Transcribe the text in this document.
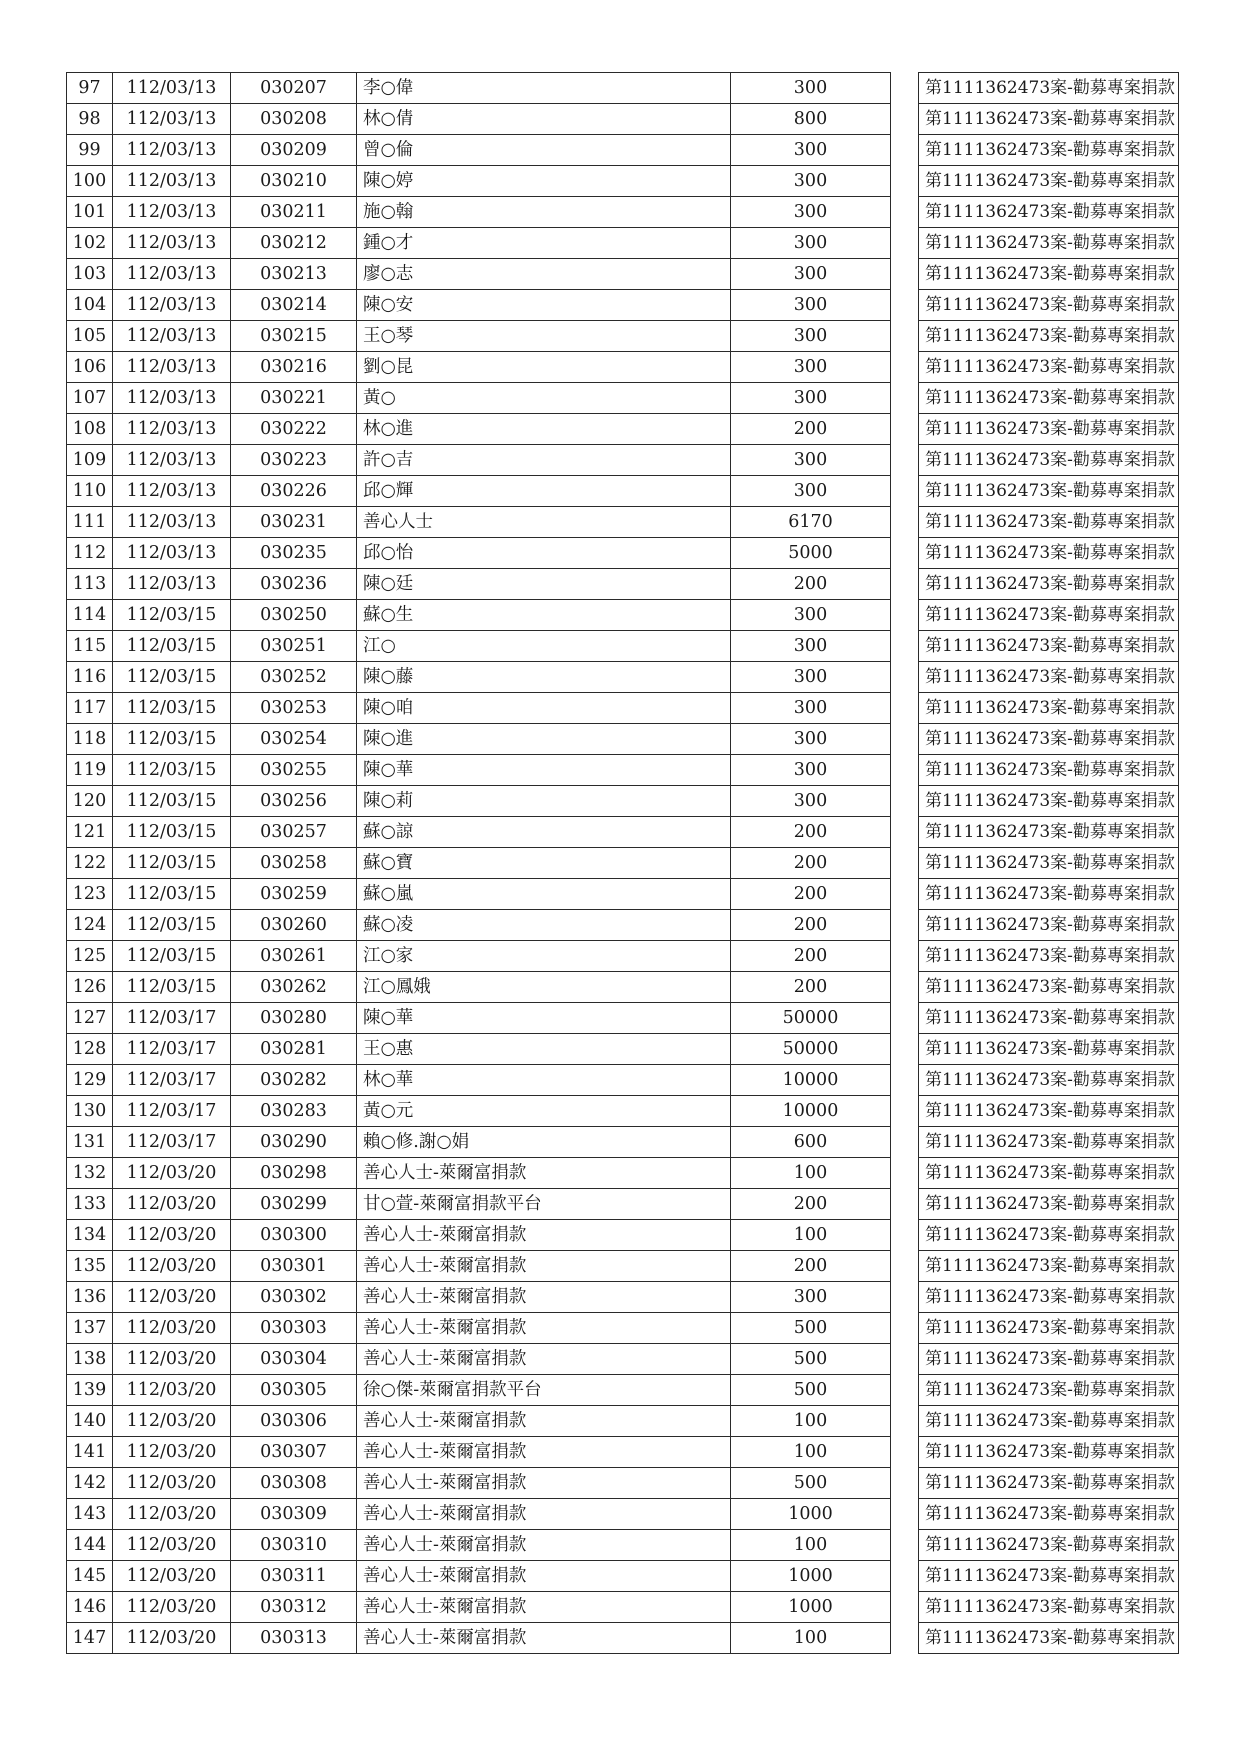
97	112/03/13	030207	李○偉	300		第1111362473案-勸募專案捐款
98	112/03/13	030208	林○倩	800		第1111362473案-勸募專案捐款
99	112/03/13	030209	曾○倫	300		第1111362473案-勸募專案捐款
100	112/03/13	030210	陳○婷	300		第1111362473案-勸募專案捐款
101	112/03/13	030211	施○翰	300		第1111362473案-勸募專案捐款
102	112/03/13	030212	鍾○才	300		第1111362473案-勸募專案捐款
103	112/03/13	030213	廖○志	300		第1111362473案-勸募專案捐款
104	112/03/13	030214	陳○安	300		第1111362473案-勸募專案捐款
105	112/03/13	030215	王○琴	300		第1111362473案-勸募專案捐款
106	112/03/13	030216	劉○昆	300		第1111362473案-勸募專案捐款
107	112/03/13	030221	黃○	300		第1111362473案-勸募專案捐款
108	112/03/13	030222	林○進	200		第1111362473案-勸募專案捐款
109	112/03/13	030223	許○吉	300		第1111362473案-勸募專案捐款
110	112/03/13	030226	邱○輝	300		第1111362473案-勸募專案捐款
111	112/03/13	030231	善心人士	6170		第1111362473案-勸募專案捐款
112	112/03/13	030235	邱○怡	5000		第1111362473案-勸募專案捐款
113	112/03/13	030236	陳○廷	200		第1111362473案-勸募專案捐款
114	112/03/15	030250	蘇○生	300		第1111362473案-勸募專案捐款
115	112/03/15	030251	江○	300		第1111362473案-勸募專案捐款
116	112/03/15	030252	陳○藤	300		第1111362473案-勸募專案捐款
117	112/03/15	030253	陳○咱	300		第1111362473案-勸募專案捐款
118	112/03/15	030254	陳○進	300		第1111362473案-勸募專案捐款
119	112/03/15	030255	陳○華	300		第1111362473案-勸募專案捐款
120	112/03/15	030256	陳○莉	300		第1111362473案-勸募專案捐款
121	112/03/15	030257	蘇○諒	200		第1111362473案-勸募專案捐款
122	112/03/15	030258	蘇○寶	200		第1111362473案-勸募專案捐款
123	112/03/15	030259	蘇○嵐	200		第1111362473案-勸募專案捐款
124	112/03/15	030260	蘇○凌	200		第1111362473案-勸募專案捐款
125	112/03/15	030261	江○家	200		第1111362473案-勸募專案捐款
126	112/03/15	030262	江○鳳娥	200		第1111362473案-勸募專案捐款
127	112/03/17	030280	陳○華	50000		第1111362473案-勸募專案捐款
128	112/03/17	030281	王○惠	50000		第1111362473案-勸募專案捐款
129	112/03/17	030282	林○華	10000		第1111362473案-勸募專案捐款
130	112/03/17	030283	黃○元	10000		第1111362473案-勸募專案捐款
131	112/03/17	030290	賴○修.謝○娟	600		第1111362473案-勸募專案捐款
132	112/03/20	030298	善心人士-萊爾富捐款	100		第1111362473案-勸募專案捐款
133	112/03/20	030299	甘○萱-萊爾富捐款平台	200		第1111362473案-勸募專案捐款
134	112/03/20	030300	善心人士-萊爾富捐款	100		第1111362473案-勸募專案捐款
135	112/03/20	030301	善心人士-萊爾富捐款	200		第1111362473案-勸募專案捐款
136	112/03/20	030302	善心人士-萊爾富捐款	300		第1111362473案-勸募專案捐款
137	112/03/20	030303	善心人士-萊爾富捐款	500		第1111362473案-勸募專案捐款
138	112/03/20	030304	善心人士-萊爾富捐款	500		第1111362473案-勸募專案捐款
139	112/03/20	030305	徐○傑-萊爾富捐款平台	500		第1111362473案-勸募專案捐款
140	112/03/20	030306	善心人士-萊爾富捐款	100		第1111362473案-勸募專案捐款
141	112/03/20	030307	善心人士-萊爾富捐款	100		第1111362473案-勸募專案捐款
142	112/03/20	030308	善心人士-萊爾富捐款	500		第1111362473案-勸募專案捐款
143	112/03/20	030309	善心人士-萊爾富捐款	1000		第1111362473案-勸募專案捐款
144	112/03/20	030310	善心人士-萊爾富捐款	100		第1111362473案-勸募專案捐款
145	112/03/20	030311	善心人士-萊爾富捐款	1000		第1111362473案-勸募專案捐款
146	112/03/20	030312	善心人士-萊爾富捐款	1000		第1111362473案-勸募專案捐款
147	112/03/20	030313	善心人士-萊爾富捐款	100		第1111362473案-勸募專案捐款
